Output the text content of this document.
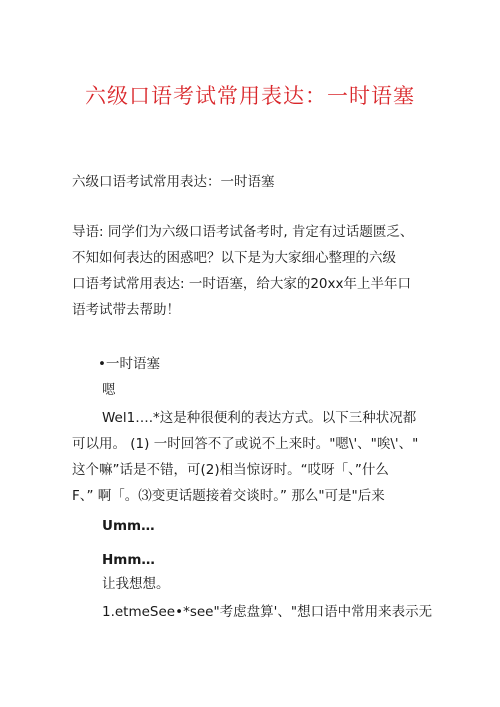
六级口语考试常用表达：一时语塞
六级口语考试常用表达：一时语塞
导语: 同学们为六级口语考试备考时, 肯定有过话题匮乏、
不知如何表达的困惑吧？以下是为大家细心整理的六级
口语考试常用表达: 一时语塞，给大家的20xx年上半年口
语考试带去帮助！
•一时语塞
嗯
Wel1….*这是种很便利的表达方式。以下三种状况都
可以用。 (1) 一时回答不了或说不上来时。"嗯\'、"唉\'、"
这个嘛”话是不错，可(2)相当惊讶时。“哎呀「、”什么
F、” 啊「。⑶变更话题接着交谈时。” 那么"可是"后来
Umm…
Hmm…
让我想想。
1.etmeSee•*see"考虑盘算'、"想口语中常用来表示无
